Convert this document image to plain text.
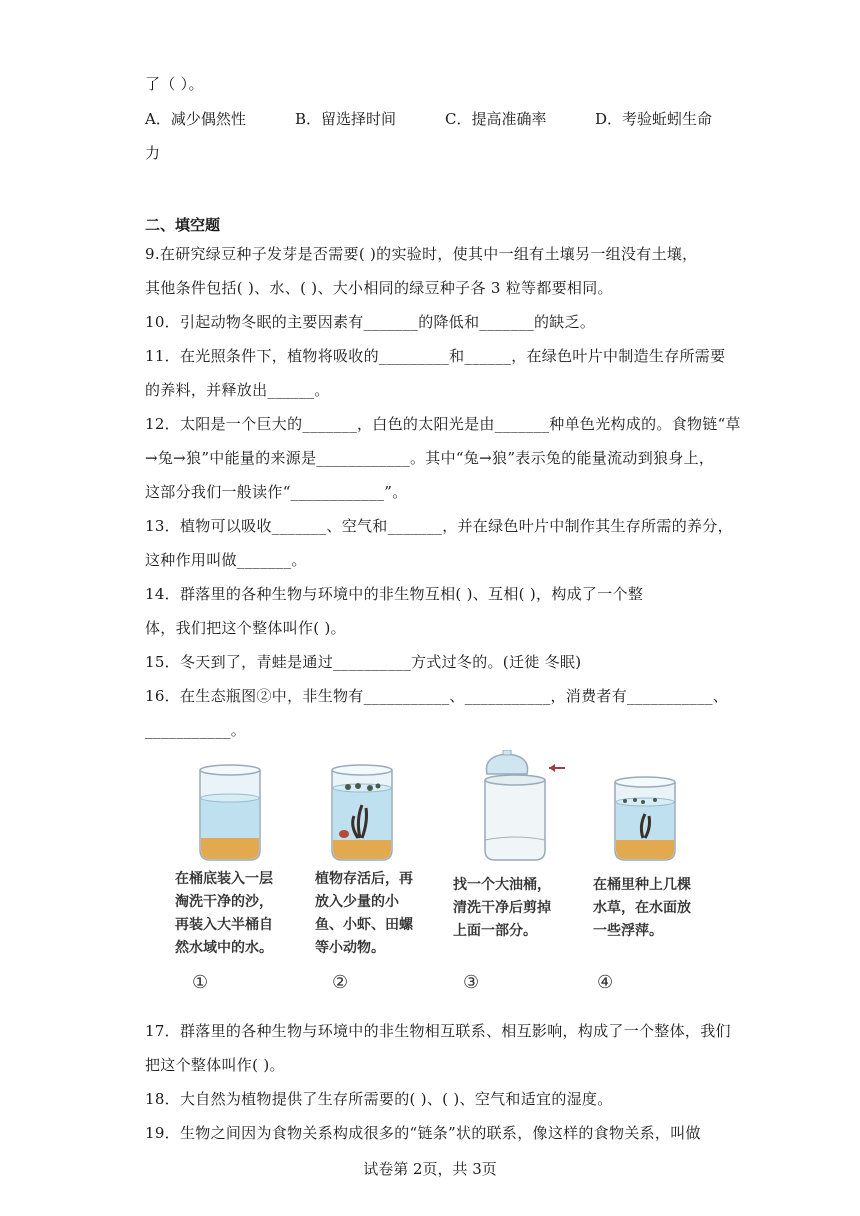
了（ ）。
A．减少偶然性	B．留选择时间	C．提高准确率	D．考验蚯蚓生命
力
二、填空题
9.在研究绿豆种子发芽是否需要( )的实验时，使其中一组有土壤另一组没有土壤，
其他条件包括( )、水、( )、大小相同的绿豆种子各 3 粒等都要相同。
10．引起动物冬眠的主要因素有_______的降低和_______的缺乏。
11．在光照条件下，植物将吸收的_________和______，在绿色叶片中制造生存所需要
的养料，并释放出______。
12．太阳是一个巨大的_______，白色的太阳光是由_______种单色光构成的。食物链“草
→兔→狼”中能量的来源是____________。其中“兔→狼”表示兔的能量流动到狼身上，
这部分我们一般读作“____________”。
13．植物可以吸收_______、空气和_______，并在绿色叶片中制作其生存所需的养分，
这种作用叫做_______。
14．群落里的各种生物与环境中的非生物互相( )、互相( )，构成了一个整
体，我们把这个整体叫作( )。
15．冬天到了，青蛙是通过__________方式过冬的。(迁徙 冬眠)
16．在生态瓶图②中，非生物有___________、___________，消费者有___________、
___________。
在桶底装入一层
淘洗干净的沙，
再装入大半桶自
然水域中的水。
①
植物存活后，再
放入少量的小
鱼、小虾、田螺
等小动物。
②
找一个大油桶，
清洗干净后剪掉
上面一部分。
③
在桶里种上几棵
水草，在水面放
一些浮萍。
④
17．群落里的各种生物与环境中的非生物相互联系、相互影响，构成了一个整体，我们
把这个整体叫作( )。
18．大自然为植物提供了生存所需要的( )、( )、空气和适宜的湿度。
19．生物之间因为食物关系构成很多的“链条”状的联系，像这样的食物关系，叫做
试卷第 2页，共 3页
